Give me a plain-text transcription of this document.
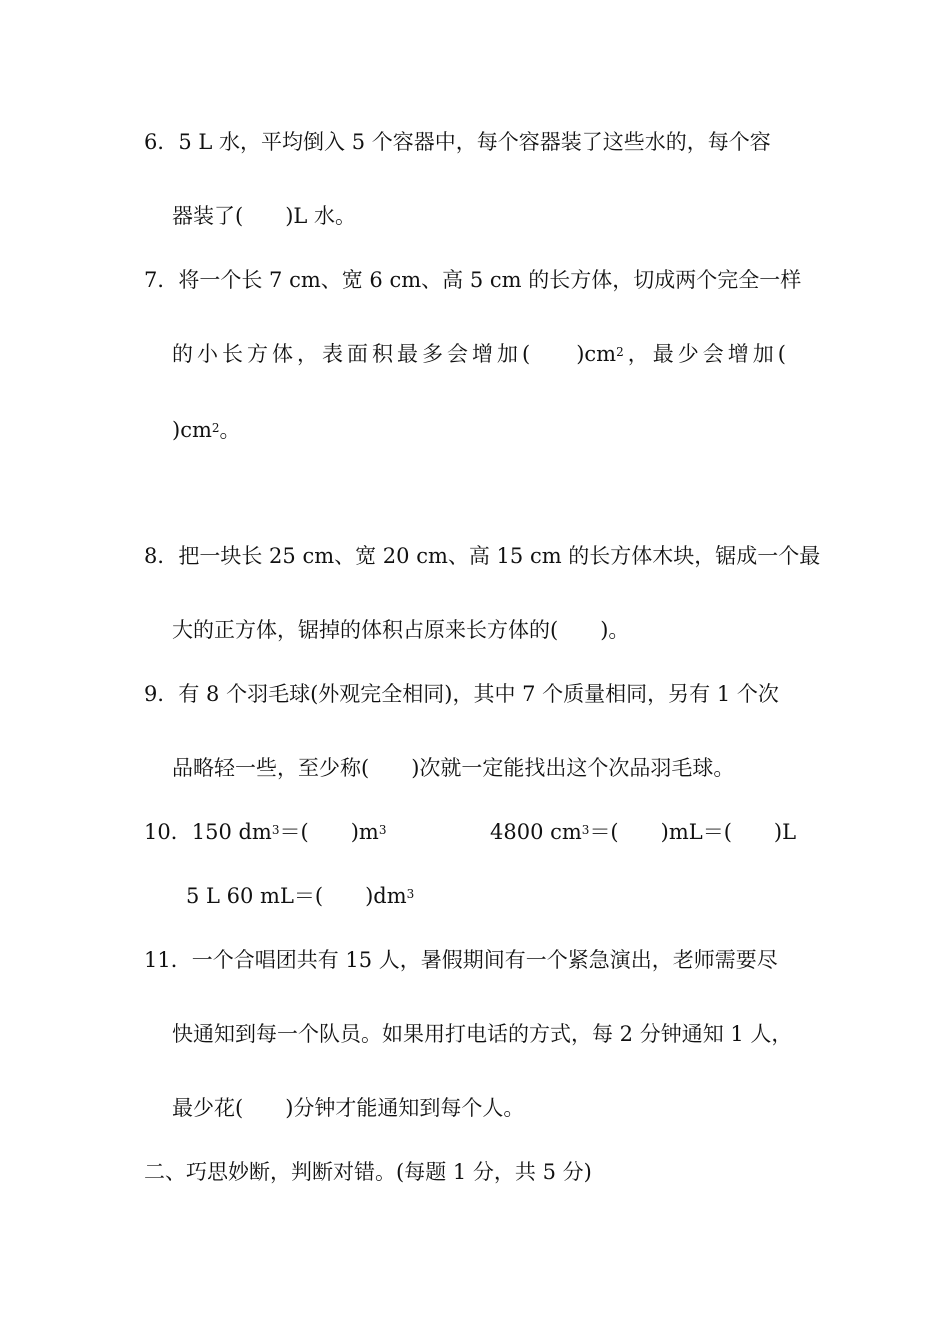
6．5 L 水，平均倒入 5 个容器中，每个容器装了这些水的，每个容
器装了( )L 水。
7．将一个长 7 cm、宽 6 cm、高 5 cm 的长方体，切成两个完全一样
的小长方体，表面积最多会增加( )$cm^2$，最少会增加(
)$cm^2$。
8．把一块长 25 cm、宽 20 cm、高 15 cm 的长方体木块，锯成一个最
大的正方体，锯掉的体积占原来长方体的( )。
9．有 8 个羽毛球(外观完全相同)，其中 7 个质量相同，另有 1 个次
品略轻一些，至少称( )次就一定能找出这个次品羽毛球。
10．150 $dm^3=$( )$m^3$	4800 $cm^3=$( )mL＝( )L
5 L 60 mL＝( )$dm^3$
11．一个合唱团共有 15 人，暑假期间有一个紧急演出，老师需要尽
快通知到每一个队员。如果用打电话的方式，每 2 分钟通知 1 人，
最少花( )分钟才能通知到每个人。
二、巧思妙断，判断对错。(每题 1 分，共 5 分)
